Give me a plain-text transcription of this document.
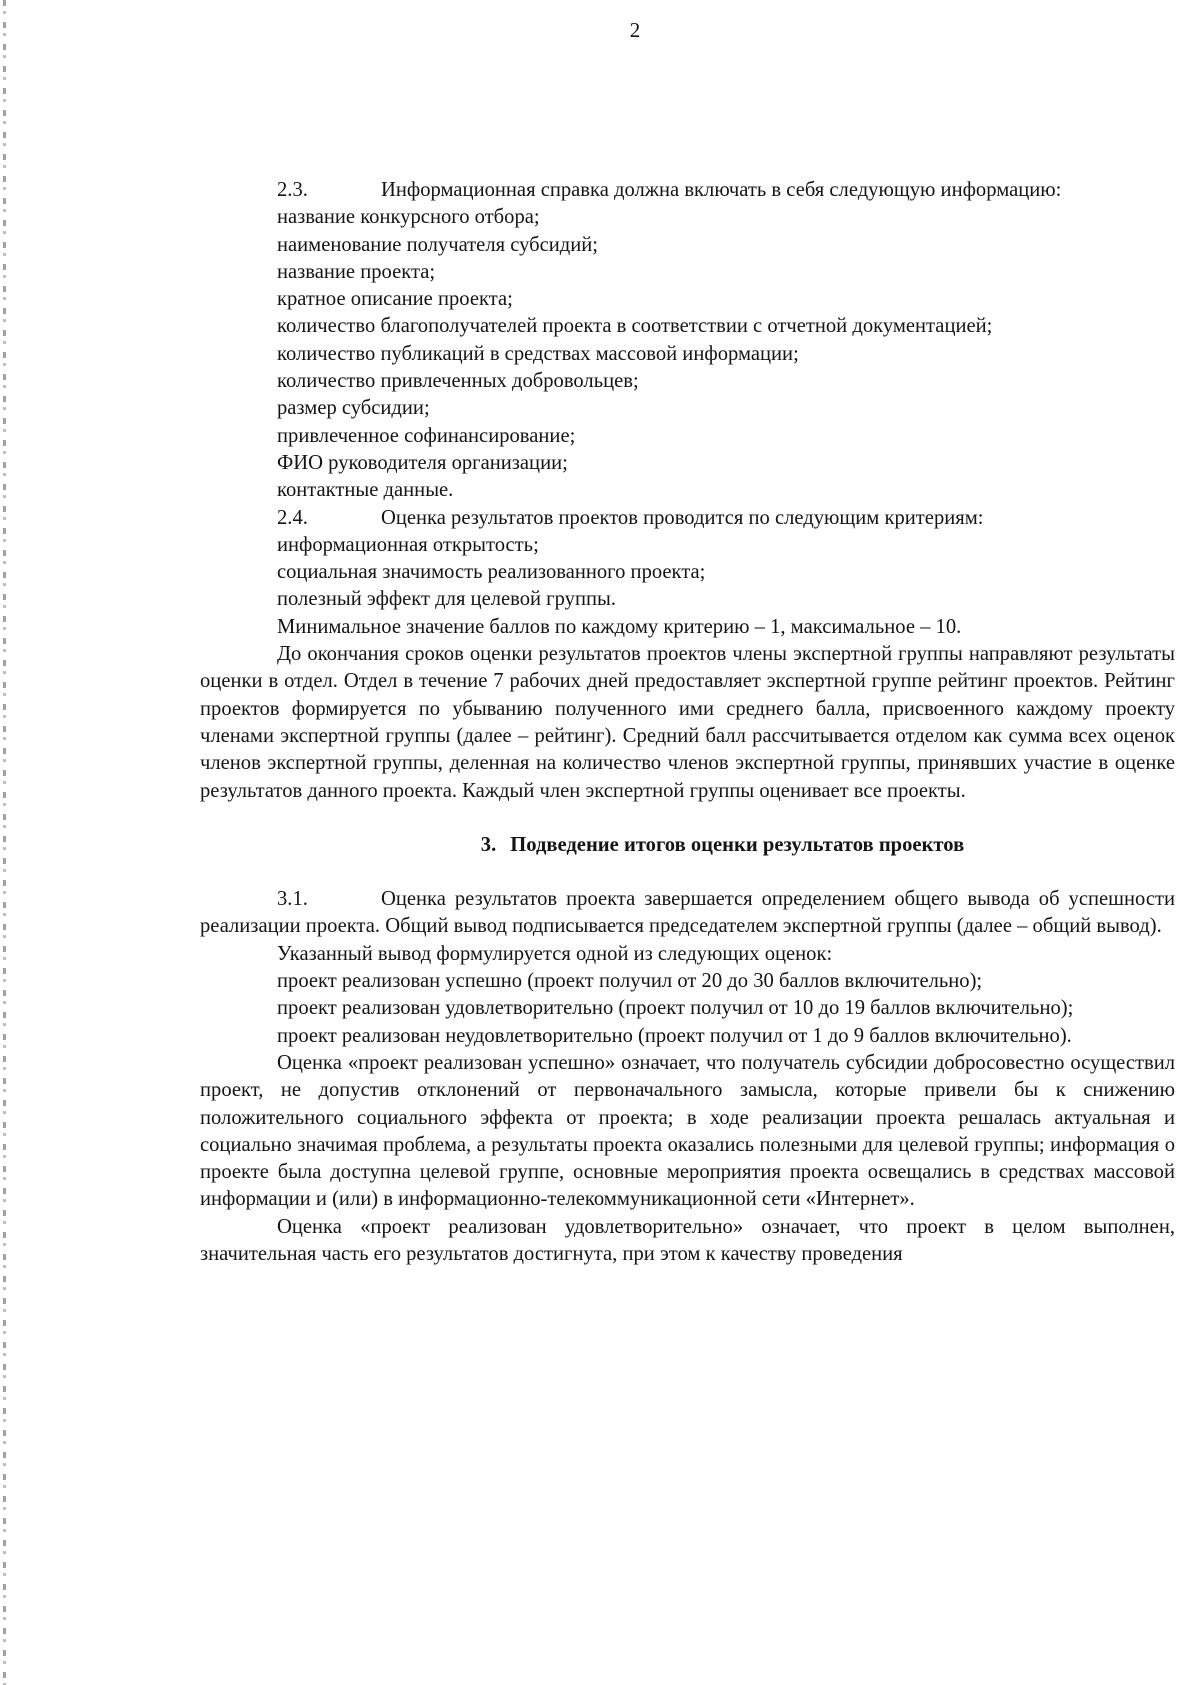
2
2.3.	Информационная справка должна включать в себя следующую информацию:
название конкурсного отбора;
наименование получателя субсидий;
название проекта;
кратное описание проекта;
количество благополучателей проекта в соответствии с отчетной документацией;
количество публикаций в средствах массовой информации;
количество привлеченных добровольцев;
размер субсидии;
привлеченное софинансирование;
ФИО руководителя организации;
контактные данные.
2.4.	Оценка результатов проектов проводится по следующим критериям:
информационная открытость;
социальная значимость реализованного проекта;
полезный эффект для целевой группы.
Минимальное значение баллов по каждому критерию – 1, максимальное – 10.
До окончания сроков оценки результатов проектов члены экспертной группы направляют результаты оценки в отдел. Отдел в течение 7 рабочих дней предоставляет экспертной группе рейтинг проектов. Рейтинг проектов формируется по убыванию полученного ими среднего балла, присвоенного каждому проекту членами экспертной группы (далее – рейтинг). Средний балл рассчитывается отделом как сумма всех оценок членов экспертной группы, деленная на количество членов экспертной группы, принявших участие в оценке результатов данного проекта. Каждый член экспертной группы оценивает все проекты.
3. Подведение итогов оценки результатов проектов
3.1.	Оценка результатов проекта завершается определением общего вывода об успешности реализации проекта. Общий вывод подписывается председателем экспертной группы (далее – общий вывод).
Указанный вывод формулируется одной из следующих оценок:
проект реализован успешно (проект получил от 20 до 30 баллов включительно);
проект реализован удовлетворительно (проект получил от 10 до 19 баллов включительно);
проект реализован неудовлетворительно (проект получил от 1 до 9 баллов включительно).
Оценка «проект реализован успешно» означает, что получатель субсидии добросовестно осуществил проект, не допустив отклонений от первоначального замысла, которые привели бы к снижению положительного социального эффекта от проекта; в ходе реализации проекта решалась актуальная и социально значимая проблема, а результаты проекта оказались полезными для целевой группы; информация о проекте была доступна целевой группе, основные мероприятия проекта освещались в средствах массовой информации и (или) в информационно-телекоммуникационной сети «Интернет».
Оценка «проект реализован удовлетворительно» означает, что проект в целом выполнен, значительная часть его результатов достигнута, при этом к качеству проведения
